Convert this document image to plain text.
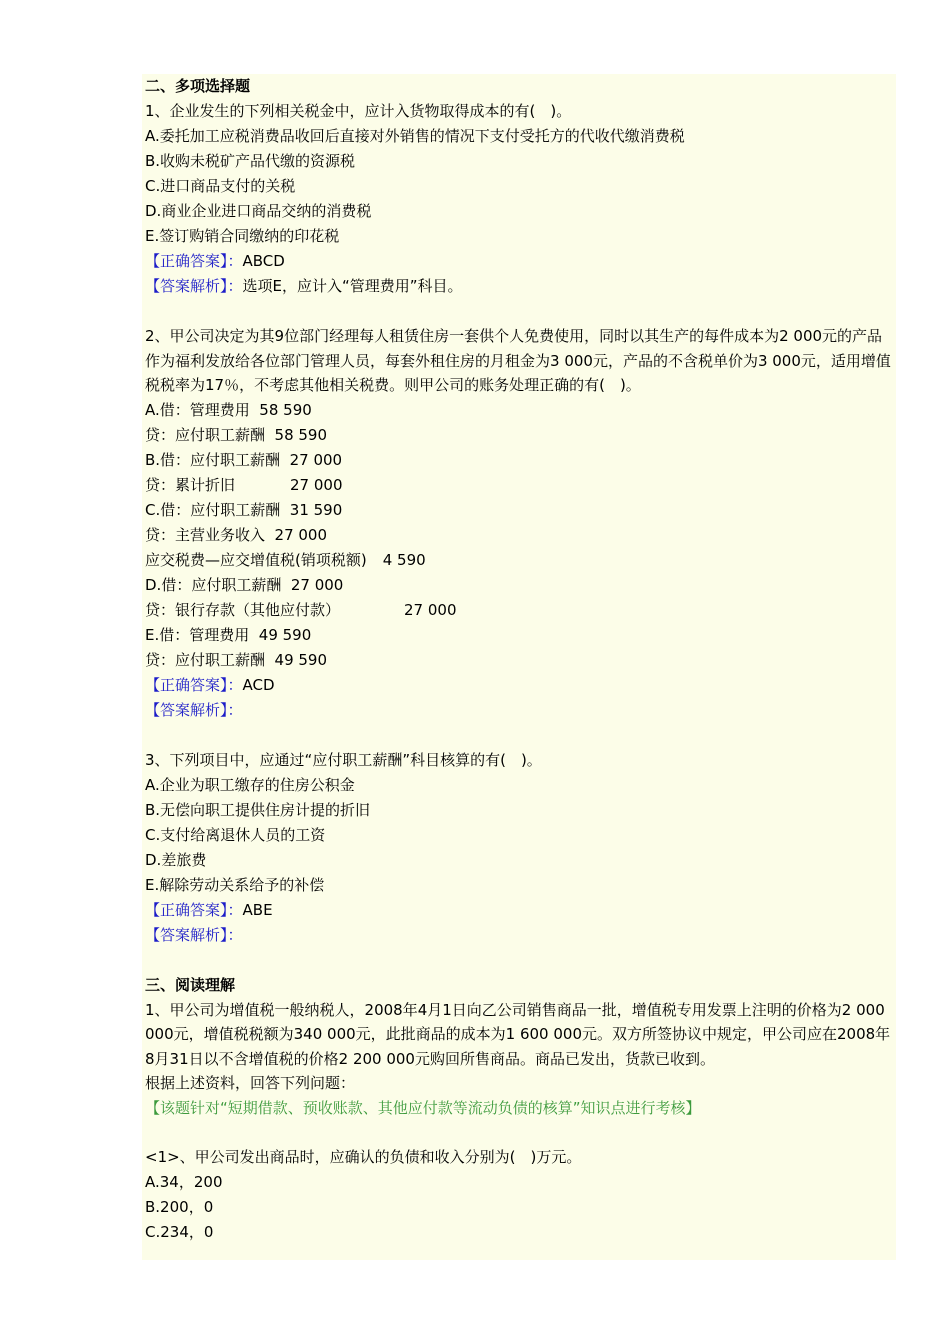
二、多项选择题
1、企业发生的下列相关税金中，应计入货物取得成本的有(　)。
A.委托加工应税消费品收回后直接对外销售的情况下支付受托方的代收代缴消费税
B.收购未税矿产品代缴的资源税
C.进口商品支付的关税
D.商业企业进口商品交纳的消费税
E.签订购销合同缴纳的印花税
【正确答案】：ABCD
【答案解析】：选项E，应计入“管理费用”科目。
2、甲公司决定为其9位部门经理每人租赁住房一套供个人免费使用，同时以其生产的每件成本为2 000元的产品作为福利发放给各位部门管理人员，每套外租住房的月租金为3 000元，产品的不含税单价为3 000元，适用增值税税率为17％，不考虑其他相关税费。则甲公司的账务处理正确的有(　)。
A.借：管理费用  58 590
贷：应付职工薪酬  58 590
B.借：应付职工薪酬  27 000
贷：累计折旧	27 000
C.借：应付职工薪酬  31 590
贷：主营业务收入  27 000
应交税费—应交增值税(销项税额) 4 590
D.借：应付职工薪酬  27 000
贷：银行存款（其他应付款）	27 000
E.借：管理费用  49 590
贷：应付职工薪酬  49 590
【正确答案】：ACD
【答案解析】：
3、下列项目中，应通过“应付职工薪酬”科目核算的有(　)。
A.企业为职工缴存的住房公积金
B.无偿向职工提供住房计提的折旧
C.支付给离退休人员的工资
D.差旅费
E.解除劳动关系给予的补偿
【正确答案】：ABE
【答案解析】：
三、阅读理解
1、甲公司为增值税一般纳税人，2008年4月1日向乙公司销售商品一批，增值税专用发票上注明的价格为2 000 000元，增值税税额为340 000元，此批商品的成本为1 600 000元。双方所签协议中规定，甲公司应在2008年8月31日以不含增值税的价格2 200 000元购回所售商品。商品已发出，货款已收到。
根据上述资料，回答下列问题：【该题针对“短期借款、预收账款、其他应付款等流动负债的核算”知识点进行考核】
<1>、甲公司发出商品时，应确认的负债和收入分别为(　)万元。
A.34，200
B.200，0
C.234，0
